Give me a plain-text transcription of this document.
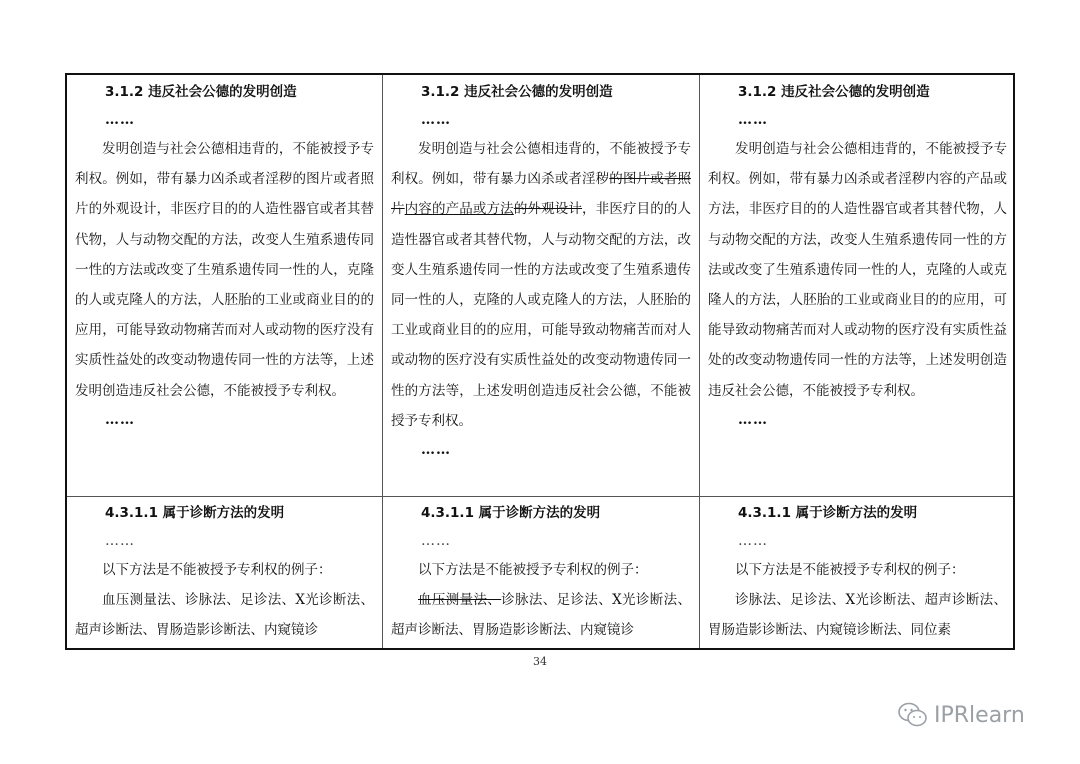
3.1.2 违反社会公德的发明创造
……

发明创造与社会公德相违背的，不能被授予专利权。例如，带有暴力凶杀或者淫秽的图片或者照片的外观设计，非医疗目的的人造性器官或者其替代物，人与动物交配的方法，改变人生殖系遗传同一性的方法或改变了生殖系遗传同一性的人，克隆的人或克隆人的方法，人胚胎的工业或商业目的的应用，可能导致动物痛苦而对人或动物的医疗没有实质性益处的改变动物遗传同一性的方法等，上述发明创造违反社会公德，不能被授予专利权。

……
3.1.2 违反社会公德的发明创造
……

发明创造与社会公德相违背的，不能被授予专利权。例如，带有暴力凶杀或者淫秽的图片或者照片内容的产品或方法的外观设计，非医疗目的的人造性器官或者其替代物，人与动物交配的方法，改变人生殖系遗传同一性的方法或改变了生殖系遗传同一性的人，克隆的人或克隆人的方法，人胚胎的工业或商业目的的应用，可能导致动物痛苦而对人或动物的医疗没有实质性益处的改变动物遗传同一性的方法等，上述发明创造违反社会公德，不能被授予专利权。

……
3.1.2 违反社会公德的发明创造
……

发明创造与社会公德相违背的，不能被授予专利权。例如，带有暴力凶杀或者淫秽内容的产品或方法，非医疗目的的人造性器官或者其替代物，人与动物交配的方法，改变人生殖系遗传同一性的方法或改变了生殖系遗传同一性的人，克隆的人或克隆人的方法，人胚胎的工业或商业目的的应用，可能导致动物痛苦而对人或动物的医疗没有实质性益处的改变动物遗传同一性的方法等，上述发明创造违反社会公德，不能被授予专利权。

……
4.3.1.1 属于诊断方法的发明
……

以下方法是不能被授予专利权的例子：

血压测量法、诊脉法、足诊法、X光诊断法、超声诊断法、胃肠造影诊断法、内窥镜诊

4.3.1.1 属于诊断方法的发明
……

以下方法是不能被授予专利权的例子：

血压测量法、诊脉法、足诊法、X光诊断法、超声诊断法、胃肠造影诊断法、内窥镜诊

4.3.1.1 属于诊断方法的发明
……

以下方法是不能被授予专利权的例子：

诊脉法、足诊法、X光诊断法、超声诊断法、胃肠造影诊断法、内窥镜诊断法、同位素

34
IPRlearn
